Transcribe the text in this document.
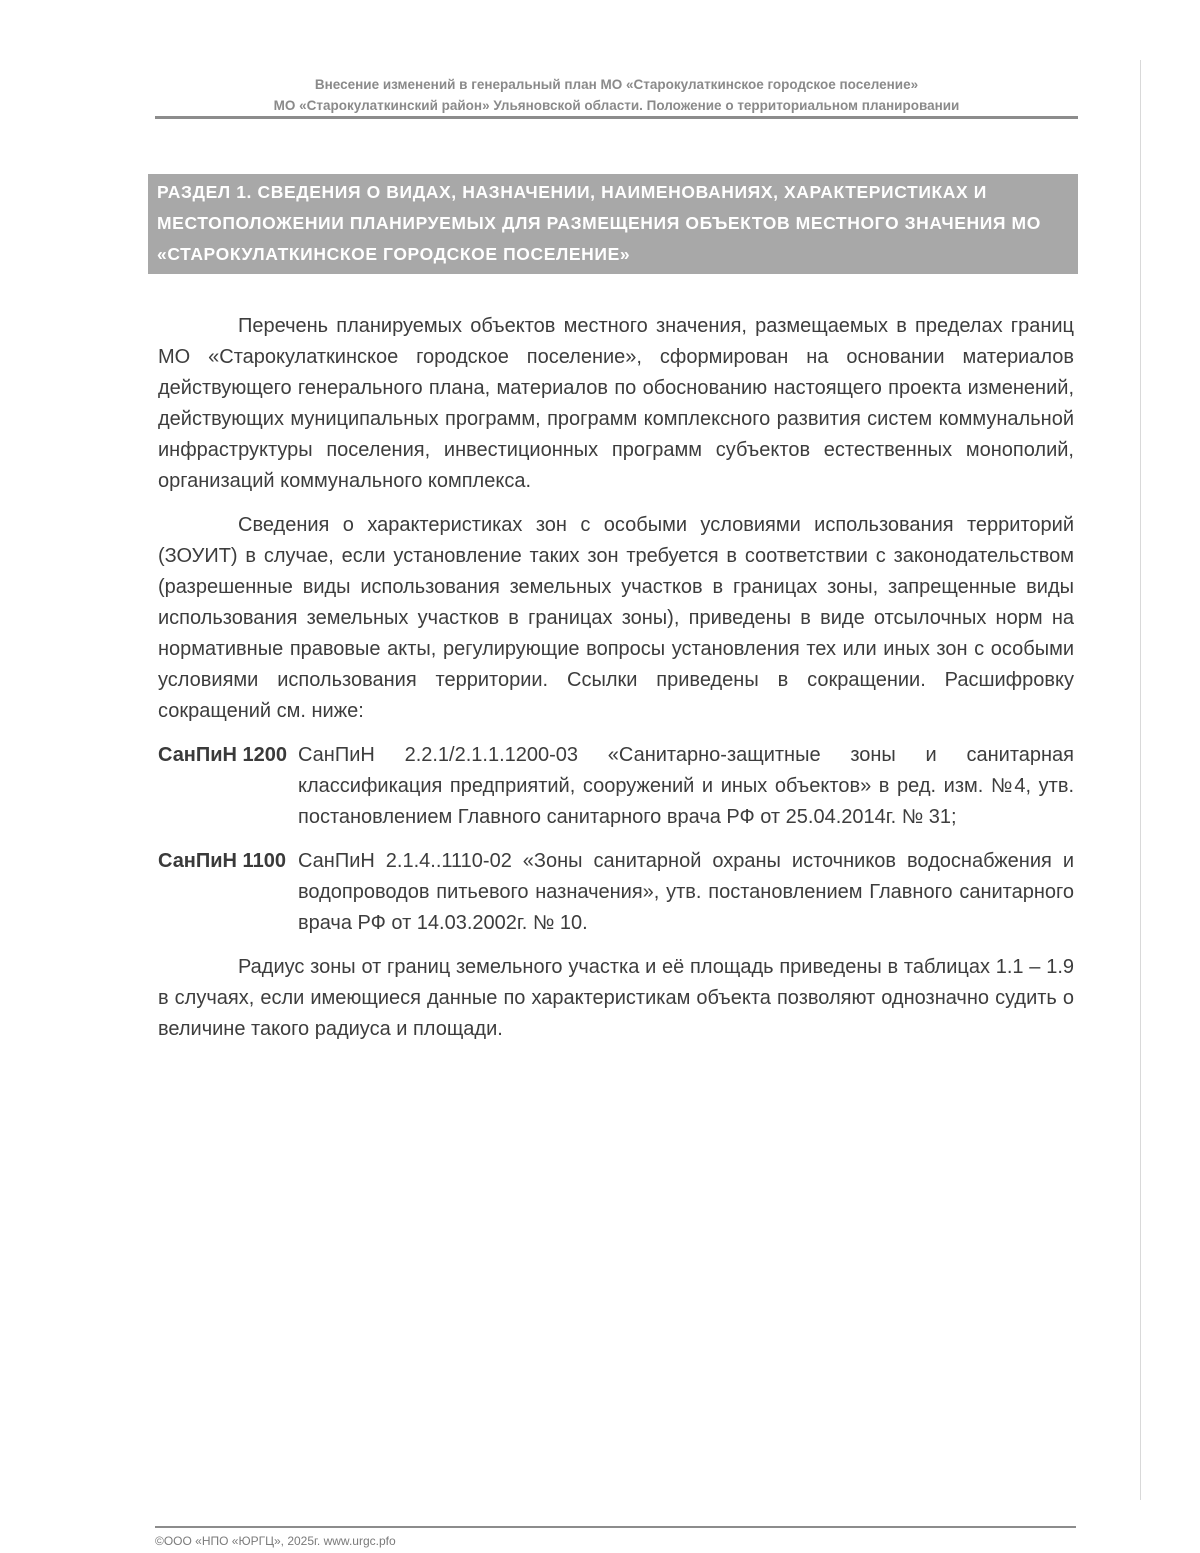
Внесение изменений в генеральный план МО «Старокулаткинское городское поселение»
МО «Старокулаткинский район» Ульяновской области. Положение о территориальном планировании
РАЗДЕЛ 1. СВЕДЕНИЯ О ВИДАХ, НАЗНАЧЕНИИ, НАИМЕНОВАНИЯХ, ХАРАКТЕРИСТИКАХ И МЕСТОПОЛОЖЕНИИ ПЛАНИРУЕМЫХ ДЛЯ РАЗМЕЩЕНИЯ ОБЪЕКТОВ МЕСТНОГО ЗНАЧЕНИЯ МО «СТАРОКУЛАТКИНСКОЕ ГОРОДСКОЕ ПОСЕЛЕНИЕ»

Перечень планируемых объектов местного значения, размещаемых в пределах границ МО «Старокулаткинское городское поселение», сформирован на основании материалов действующего генерального плана, материалов по обоснованию настоящего проекта изменений, действующих муниципальных программ, программ комплексного развития систем коммунальной инфраструктуры поселения, инвестиционных программ субъектов естественных монополий, организаций коммунального комплекса.

Сведения о характеристиках зон с особыми условиями использования территорий (ЗОУИТ) в случае, если установление таких зон требуется в соответствии с законодательством (разрешенные виды использования земельных участков в границах зоны, запрещенные виды использования земельных участков в границах зоны), приведены в виде отсылочных норм на нормативные правовые акты, регулирующие вопросы установления тех или иных зон с особыми условиями использования территории. Ссылки приведены в сокращении. Расшифровку сокращений см. ниже:

СанПиН 1200 СанПиН 2.2.1/2.1.1.1200-03 «Санитарно-защитные зоны и санитарная классификация предприятий, сооружений и иных объектов» в ред. изм. №4, утв. постановлением Главного санитарного врача РФ от 25.04.2014г. № 31;
СанПиН 1100 СанПиН 2.1.4..1110-02 «Зоны санитарной охраны источников водоснабжения и водопроводов питьевого назначения», утв. постановлением Главного санитарного врача РФ от 14.03.2002г. № 10.

Радиус зоны от границ земельного участка и её площадь приведены в таблицах 1.1 – 1.9 в случаях, если имеющиеся данные по характеристикам объекта позволяют однозначно судить о величине такого радиуса и площади.

©ООО «НПО «ЮРГЦ», 2025г. www.urgc.pfo
